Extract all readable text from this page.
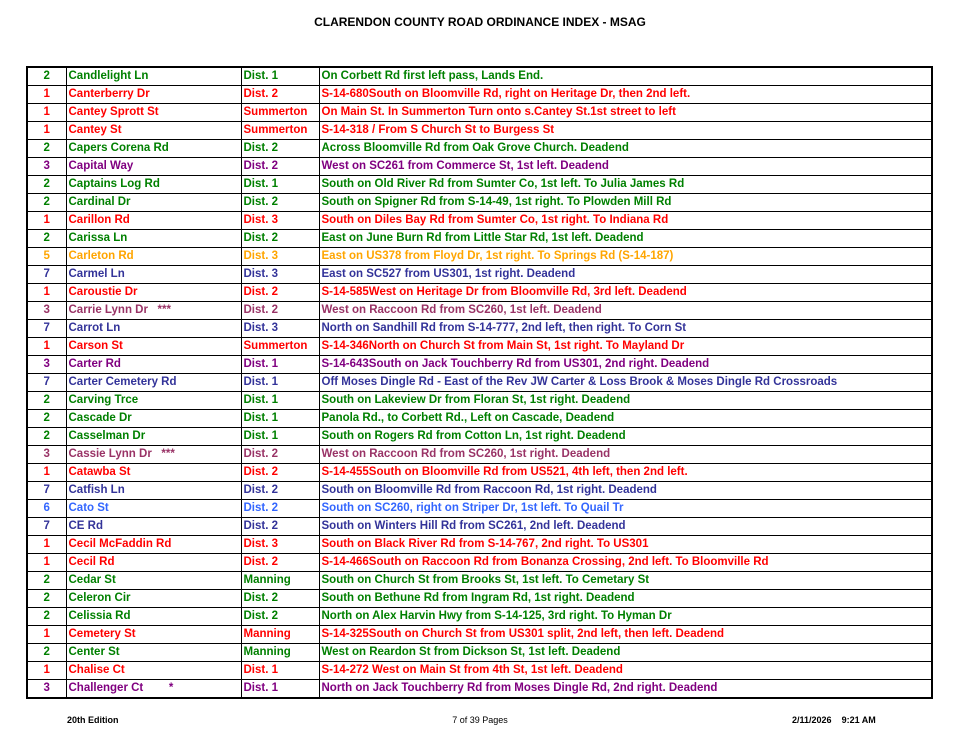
CLARENDON COUNTY ROAD ORDINANCE INDEX - MSAG
2	Candlelight Ln	Dist. 1	On Corbett Rd first left pass, Lands End.
1	Canterberry Dr	Dist. 2	S-14-680South on Bloomville Rd, right on Heritage Dr, then 2nd left.
1	Cantey Sprott St	Summerton	On Main St. In Summerton Turn onto s.Cantey St.1st street to left
1	Cantey St	Summerton	S-14-318 / From S Church St to Burgess St
2	Capers Corena Rd	Dist. 2	Across Bloomville Rd from Oak Grove Church. Deadend
3	Capital Way	Dist. 2	West on SC261 from Commerce St, 1st left. Deadend
2	Captains Log Rd	Dist. 1	South on Old River Rd from Sumter Co, 1st left. To Julia James Rd
2	Cardinal Dr	Dist. 2	South on Spigner Rd from S-14-49, 1st right. To Plowden Mill Rd
1	Carillon Rd	Dist. 3	South on Diles Bay Rd from Sumter Co, 1st right. To Indiana Rd
2	Carissa Ln	Dist. 2	East on June Burn Rd from Little Star Rd, 1st left. Deadend
5	Carleton Rd	Dist. 3	East on US378 from Floyd Dr, 1st right. To Springs Rd (S-14-187)
7	Carmel Ln	Dist. 3	East on SC527 from US301, 1st right. Deadend
1	Caroustie Dr	Dist. 2	S-14-585West on Heritage Dr from Bloomville Rd, 3rd left. Deadend
3	Carrie Lynn Dr   ***	Dist. 2	West on Raccoon Rd from SC260, 1st left. Deadend
7	Carrot Ln	Dist. 3	North on Sandhill Rd from S-14-777, 2nd left, then right. To Corn St
1	Carson St	Summerton	S-14-346North on Church St from Main St, 1st right. To Mayland Dr
3	Carter Rd	Dist. 1	S-14-643South on Jack Touchberry Rd from US301, 2nd right. Deadend
7	Carter Cemetery Rd	Dist. 1	Off Moses Dingle Rd - East of the Rev JW Carter & Loss Brook & Moses Dingle Rd Crossroads
2	Carving Trce	Dist. 1	South on Lakeview Dr from Floran St, 1st right. Deadend
2	Cascade Dr	Dist. 1	Panola Rd., to Corbett Rd., Left on Cascade, Deadend
2	Casselman Dr	Dist. 1	South on Rogers Rd from Cotton Ln, 1st right. Deadend
3	Cassie Lynn Dr   ***	Dist. 2	West on Raccoon Rd from SC260, 1st right. Deadend
1	Catawba St	Dist. 2	S-14-455South on Bloomville Rd from US521, 4th left, then 2nd left.
7	Catfish Ln	Dist. 2	South on Bloomville Rd from Raccoon Rd, 1st right. Deadend
6	Cato St	Dist. 2	South on SC260, right on Striper Dr, 1st left. To Quail Tr
7	CE Rd	Dist. 2	South on Winters Hill Rd from SC261, 2nd left. Deadend
1	Cecil McFaddin Rd	Dist. 3	South on Black River Rd from S-14-767, 2nd right. To US301
1	Cecil Rd	Dist. 2	S-14-466South on Raccoon Rd from Bonanza Crossing, 2nd left. To Bloomville Rd
2	Cedar St	Manning	South on Church St from Brooks St, 1st left. To Cemetary St
2	Celeron Cir	Dist. 2	South on Bethune Rd from Ingram Rd, 1st right. Deadend
2	Celissia Rd	Dist. 2	North on Alex Harvin Hwy from S-14-125, 3rd right. To Hyman Dr
1	Cemetery St	Manning	S-14-325South on Church St from US301 split, 2nd left, then left. Deadend
2	Center St	Manning	West on Reardon St from Dickson St, 1st left. Deadend
1	Chalise Ct	Dist. 1	S-14-272 West on Main St from 4th St, 1st left. Deadend
3	Challenger Ct        *	Dist. 1	North on Jack Touchberry Rd from Moses Dingle Rd, 2nd right. Deadend
20th Edition	7 of 39 Pages	2/11/2026 9:21 AM
